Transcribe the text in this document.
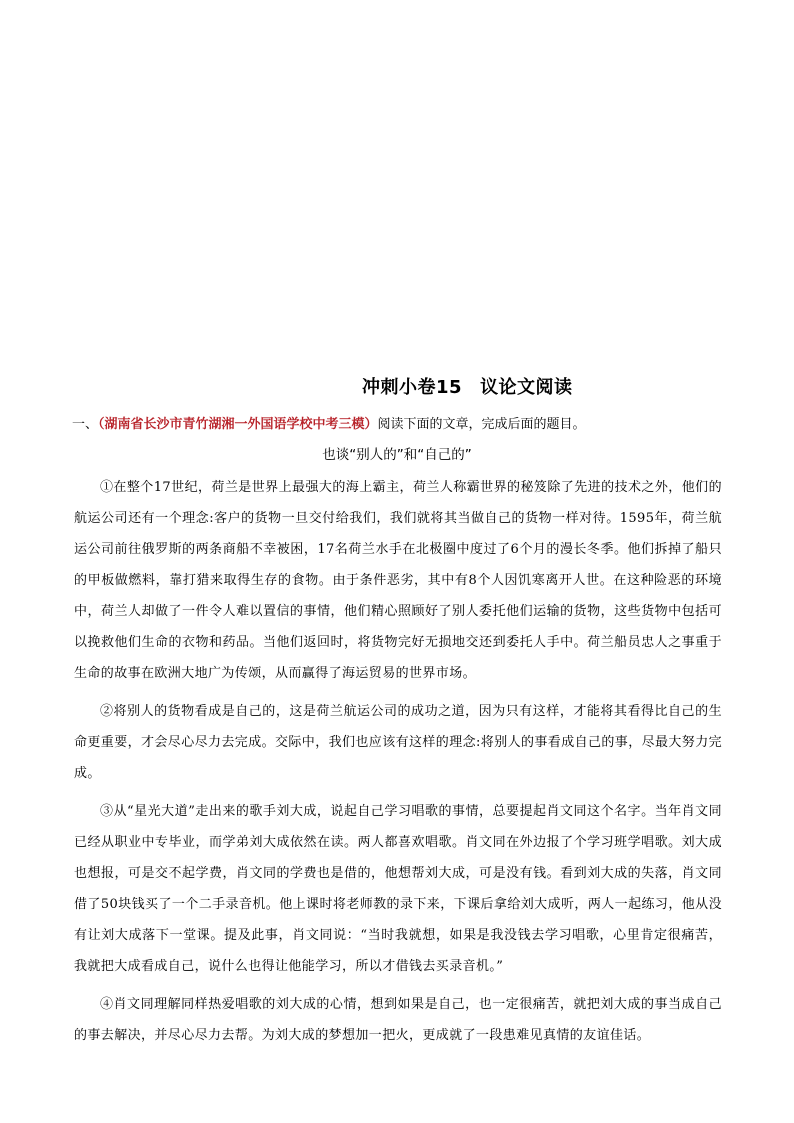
冲刺小卷15 议论文阅读
一、（湖南省长沙市青竹湖湘一外国语学校中考三模）阅读下面的文章，完成后面的题目。
也谈“别人的”和“自己的”

①在整个17世纪，荷兰是世界上最强大的海上霸主，荷兰人称霸世界的秘笈除了先进的技术之外，他们的航运公司还有一个理念:客户的货物一旦交付给我们，我们就将其当做自己的货物一样对待。1595年，荷兰航运公司前往俄罗斯的两条商船不幸被困，17名荷兰水手在北极圈中度过了6个月的漫长冬季。他们拆掉了船只的甲板做燃料，靠打猎来取得生存的食物。由于条件恶劣，其中有8个人因饥寒离开人世。在这种险恶的环境中，荷兰人却做了一件令人难以置信的事情，他们精心照顾好了别人委托他们运输的货物，这些货物中包括可以挽救他们生命的衣物和药品。当他们返回时，将货物完好无损地交还到委托人手中。荷兰船员忠人之事重于生命的故事在欧洲大地广为传颂，从而赢得了海运贸易的世界市场。

②将别人的货物看成是自己的，这是荷兰航运公司的成功之道，因为只有这样，才能将其看得比自己的生命更重要，才会尽心尽力去完成。交际中，我们也应该有这样的理念:将别人的事看成自己的事，尽最大努力完成。

③从“星光大道”走出来的歌手刘大成，说起自己学习唱歌的事情，总要提起肖文同这个名字。当年肖文同已经从职业中专毕业，而学弟刘大成依然在读。两人都喜欢唱歌。肖文同在外边报了个学习班学唱歌。刘大成也想报，可是交不起学费，肖文同的学费也是借的，他想帮刘大成，可是没有钱。看到刘大成的失落，肖文同借了50块钱买了一个二手录音机。他上课时将老师教的录下来，下课后拿给刘大成听，两人一起练习，他从没有让刘大成落下一堂课。提及此事，肖文同说：“当时我就想，如果是我没钱去学习唱歌，心里肯定很痛苦，我就把大成看成自己，说什么也得让他能学习，所以才借钱去买录音机。”

④肖文同理解同样热爱唱歌的刘大成的心情，想到如果是自己，也一定很痛苦，就把刘大成的事当成自己的事去解决，并尽心尽力去帮。为刘大成的梦想加一把火，更成就了一段患难见真情的友谊佳话。
